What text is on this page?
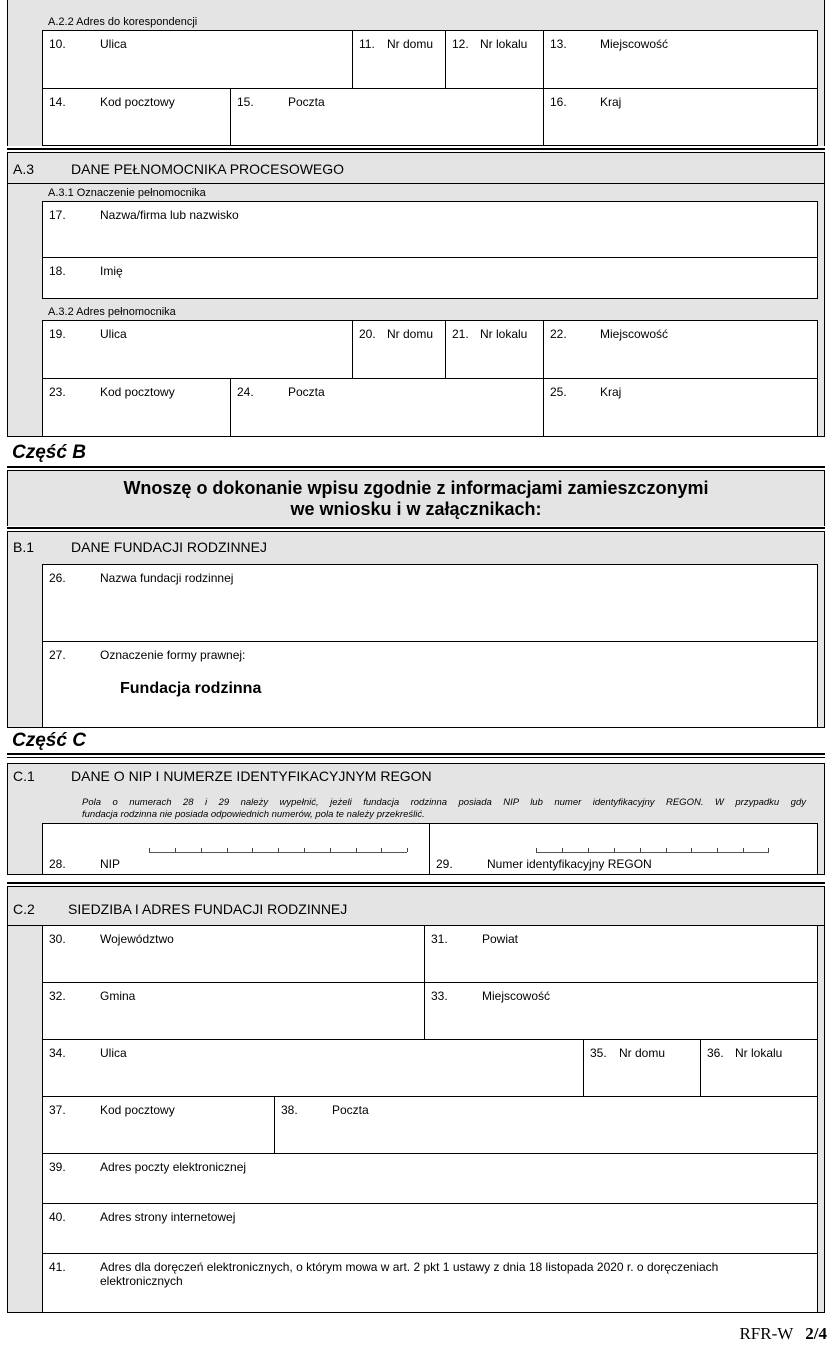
A.2.2 Adres do korespondencji
10.	Ulica	11. Nr domu 12. Nr lokalu 13.	Miejscowość
14.	Kod pocztowy	15.	Poczta	16.	Kraj
A.3	DANE PEŁNOMOCNIKA PROCESOWEGO
A.3.1 Oznaczenie pełnomocnika
17.	Nazwa/firma lub nazwisko
18.	Imię
A.3.2 Adres pełnomocnika
19.	Ulica	20. Nr domu 21. Nr lokalu 22.	Miejscowość
23.	Kod pocztowy	24.	Poczta	25.	Kraj
Część B
Wnoszę o dokonanie wpisu zgodnie z informacjami zamieszczonymi
we wniosku i w załącznikach:
B.1	DANE FUNDACJI RODZINNEJ
26.	Nazwa fundacji rodzinnej
27.	Oznaczenie formy prawnej:
Fundacja rodzinna
Część C
C.1	DANE O NIP I NUMERZE IDENTYFIKACYJNYM REGON
Pola o numerach 28 i 29 należy wypełnić, jeżeli fundacja rodzinna posiada NIP lub numer identyfikacyjny REGON. W przypadku gdy
fundacja rodzinna nie posiada odpowiednich numerów, pola te należy przekreślić.
28.	NIP	29.	Numer identyfikacyjny REGON
C.2 SIEDZIBA I ADRES FUNDACJI RODZINNEJ
30.	Województwo	31.	Powiat
32.	Gmina	33.	Miejscowość
34.	Ulica	35. Nr domu	36. Nr lokalu
37.	Kod pocztowy	38.	Poczta
39.	Adres poczty elektronicznej
40.	Adres strony internetowej
41.	Adres dla doręczeń elektronicznych, o którym mowa w art. 2 pkt 1 ustawy z dnia 18 listopada 2020 r. o doręczeniach
elektronicznych
RFR-W 2/4
